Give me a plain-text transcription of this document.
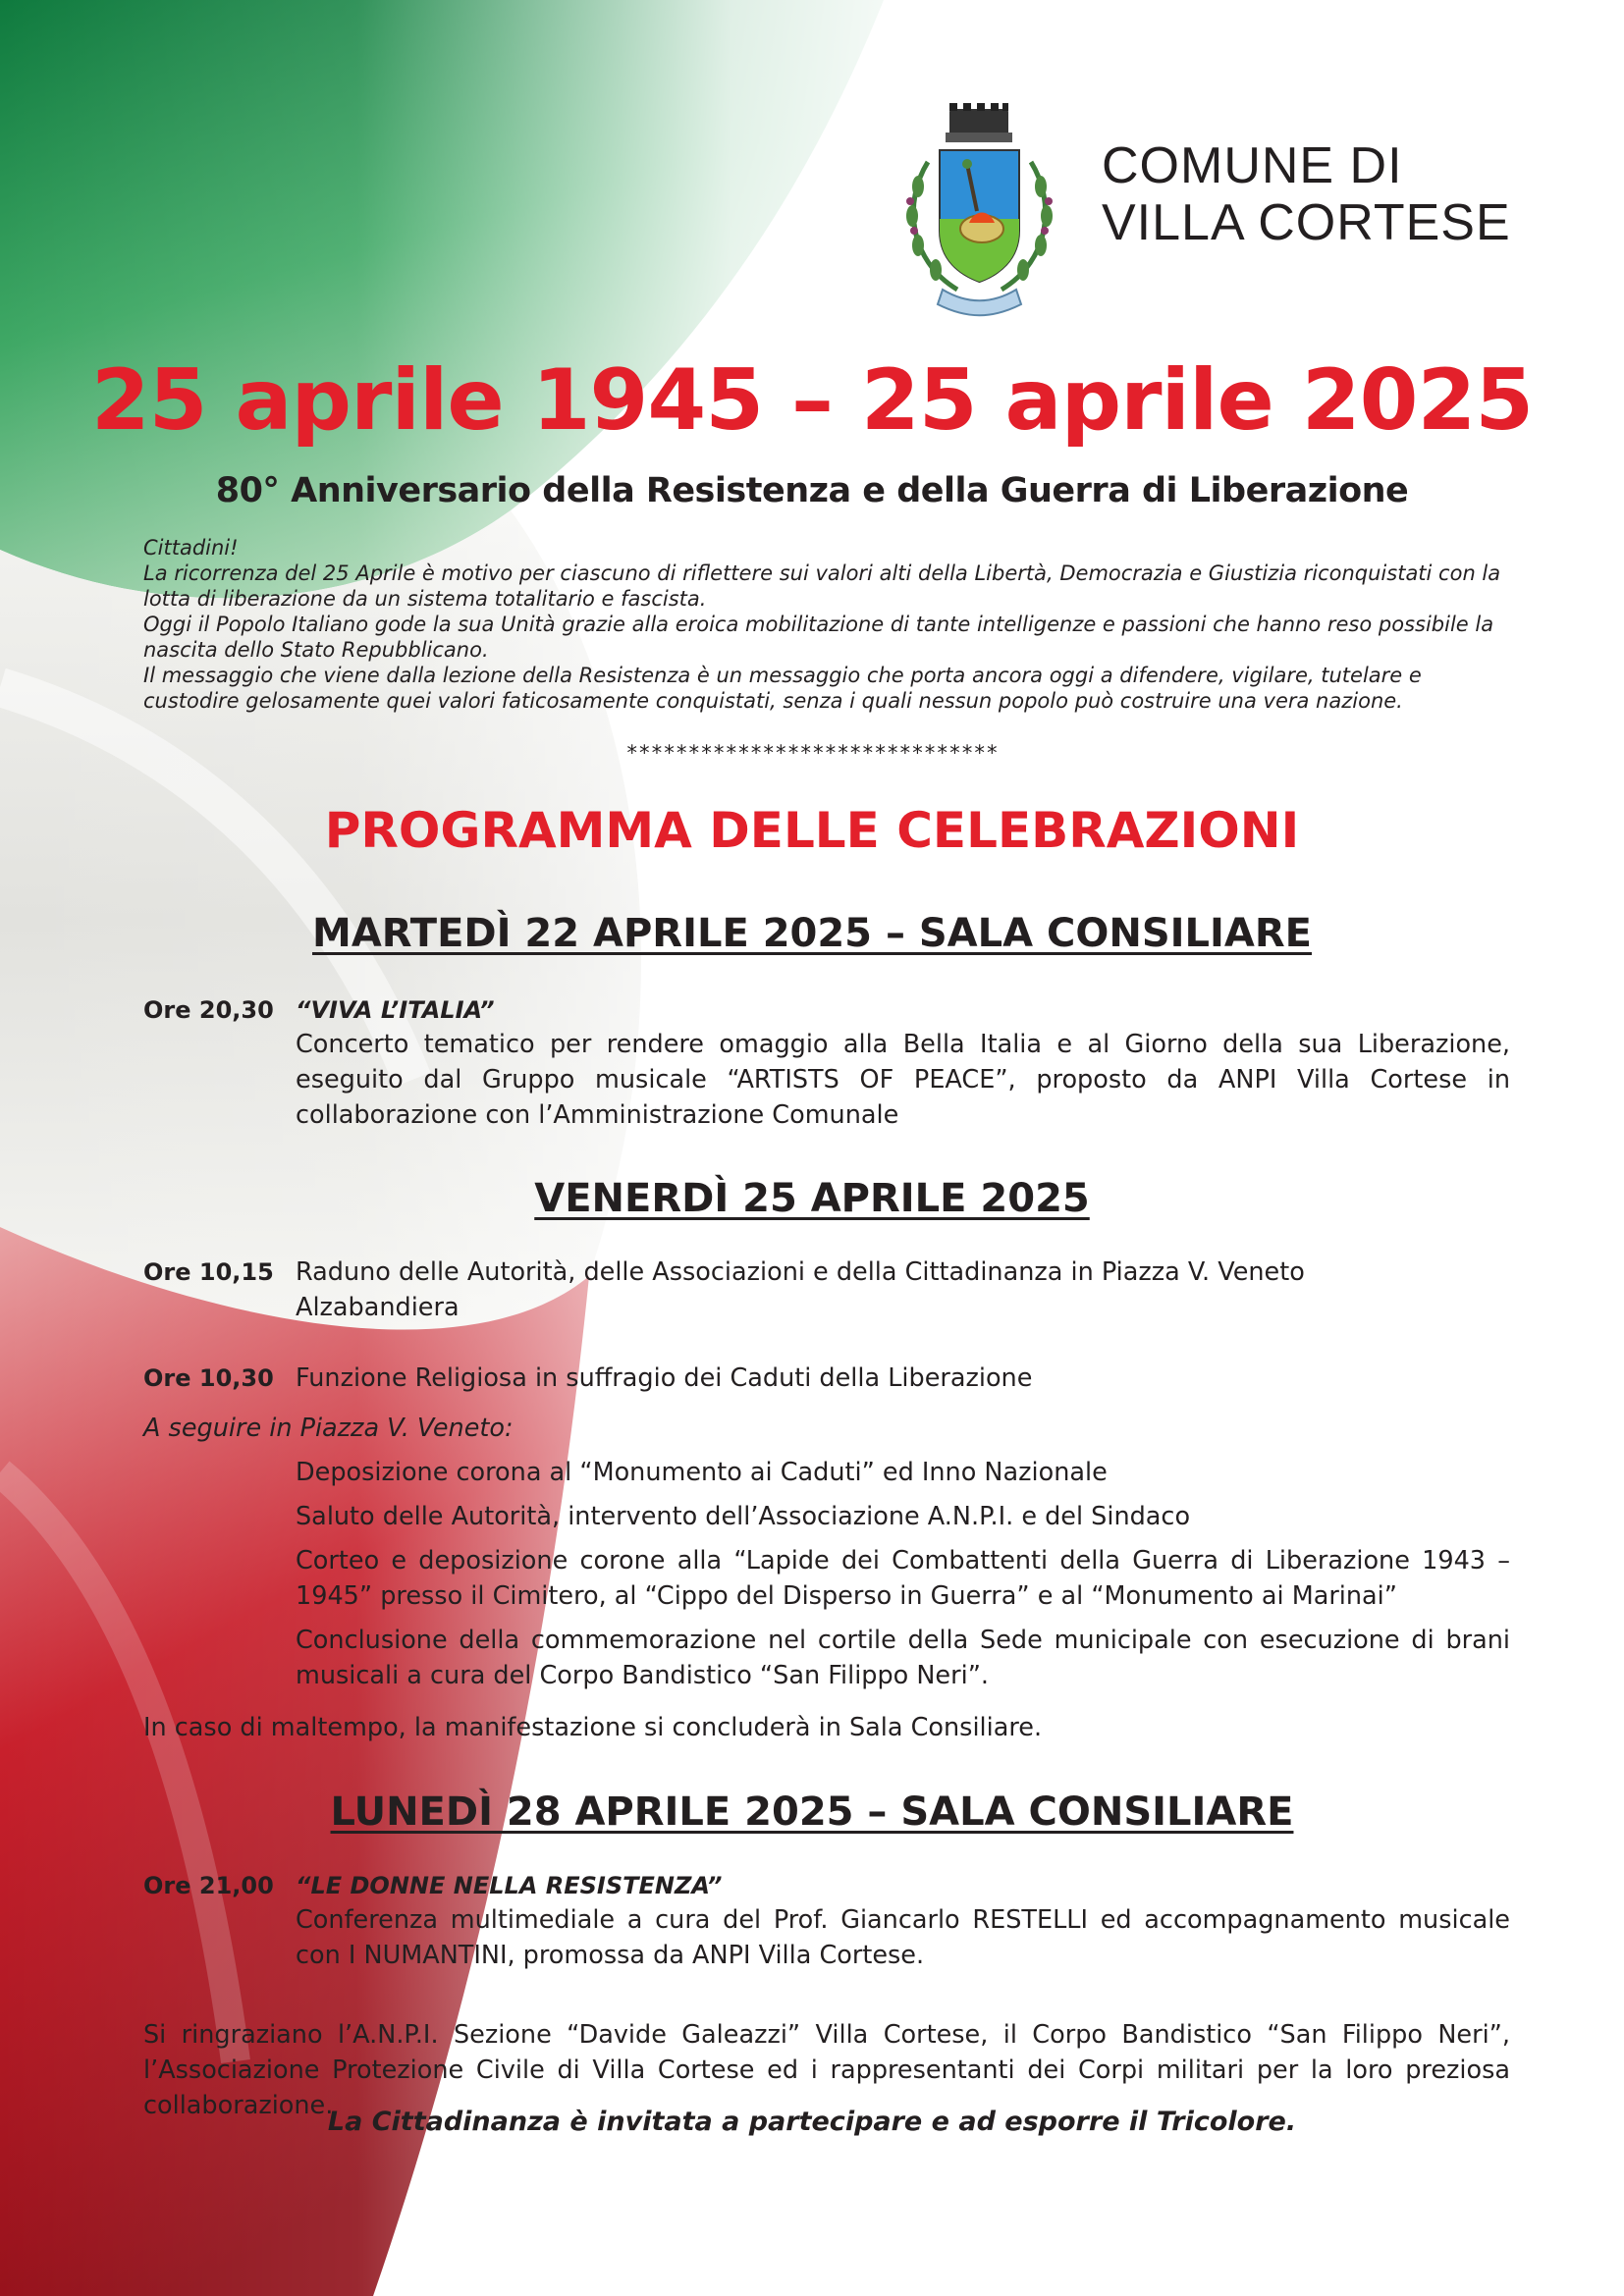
COMUNE DI
VILLA CORTESE
25 aprile 1945 – 25 aprile 2025
80° Anniversario della Resistenza e della Guerra di Liberazione

Cittadini!

La ricorrenza del 25 Aprile è motivo per ciascuno di riflettere sui valori alti della Libertà, Democrazia e Giustizia riconquistati con la lotta di liberazione da un sistema totalitario e fascista.

Oggi il Popolo Italiano gode la sua Unità grazie alla eroica mobilitazione di tante intelligenze e passioni che hanno reso possibile la nascita dello Stato Repubblicano.

Il messaggio che viene dalla lezione della Resistenza è un messaggio che porta ancora oggi a difendere, vigilare, tutelare e custodire gelosamente quei valori faticosamente conquistati, senza i quali nessun popolo può costruire una vera nazione.

******************************
PROGRAMMA DELLE CELEBRAZIONI
MARTEDÌ 22 APRILE 2025 – SALA CONSILIARE
Ore 20,30 “VIVA L’ITALIA”
Concerto tematico per rendere omaggio alla Bella Italia e al Giorno della sua Liberazione, eseguito dal Gruppo musicale “ARTISTS OF PEACE”, proposto da ANPI Villa Cortese in collaborazione con l’Amministrazione Comunale
VENERDÌ 25 APRILE 2025
Ore 10,15 Raduno delle Autorità, delle Associazioni e della Cittadinanza in Piazza V. Veneto
Alzabandiera
Ore 10,30 Funzione Religiosa in suffragio dei Caduti della Liberazione
A seguire in Piazza V. Veneto:
Deposizione corona al “Monumento ai Caduti” ed Inno Nazionale
Saluto delle Autorità, intervento dell’Associazione A.N.P.I. e del Sindaco
Corteo e deposizione corone alla “Lapide dei Combattenti della Guerra di Liberazione 1943 – 1945” presso il Cimitero, al “Cippo del Disperso in Guerra” e al “Monumento ai Marinai”
Conclusione della commemorazione nel cortile della Sede municipale con esecuzione di brani musicali a cura del Corpo Bandistico “San Filippo Neri”.
In caso di maltempo, la manifestazione si concluderà in Sala Consiliare.
LUNEDÌ 28 APRILE 2025 – SALA CONSILIARE
Ore 21,00 “LE DONNE NELLA RESISTENZA”
Conferenza multimediale a cura del Prof. Giancarlo RESTELLI ed accompagnamento musicale con I NUMANTINI, promossa da ANPI Villa Cortese.
Si ringraziano l’A.N.P.I. Sezione “Davide Galeazzi” Villa Cortese, il Corpo Bandistico “San Filippo Neri”, l’Associazione Protezione Civile di Villa Cortese ed i rappresentanti dei Corpi militari per la loro preziosa collaborazione.
La Cittadinanza è invitata a partecipare e ad esporre il Tricolore.
